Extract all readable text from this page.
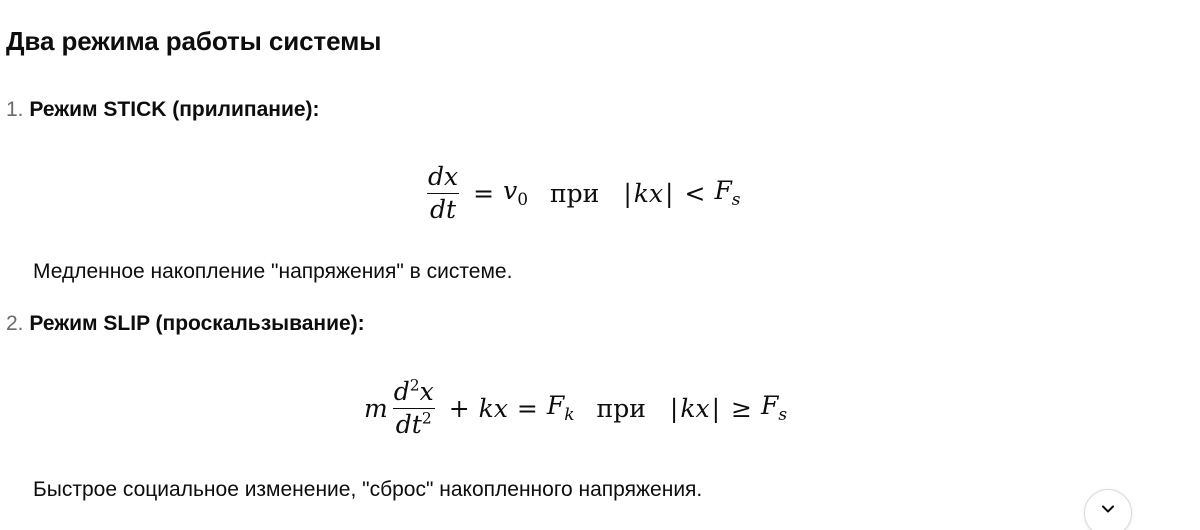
Два режима работы системы
1. Режим STICK (прилипание):
$\frac{dx}{dt} = v_0$ при $|kx| < F_s$
Медленное накопление "напряжения" в системе.
2. Режим SLIP (проскальзывание):
m $\frac{d^2x}{dt^2}$ + kx = $F_k$ при $|kx| \ge F_s$
Быстрое социальное изменение, "сброс" накопленного напряжения.
